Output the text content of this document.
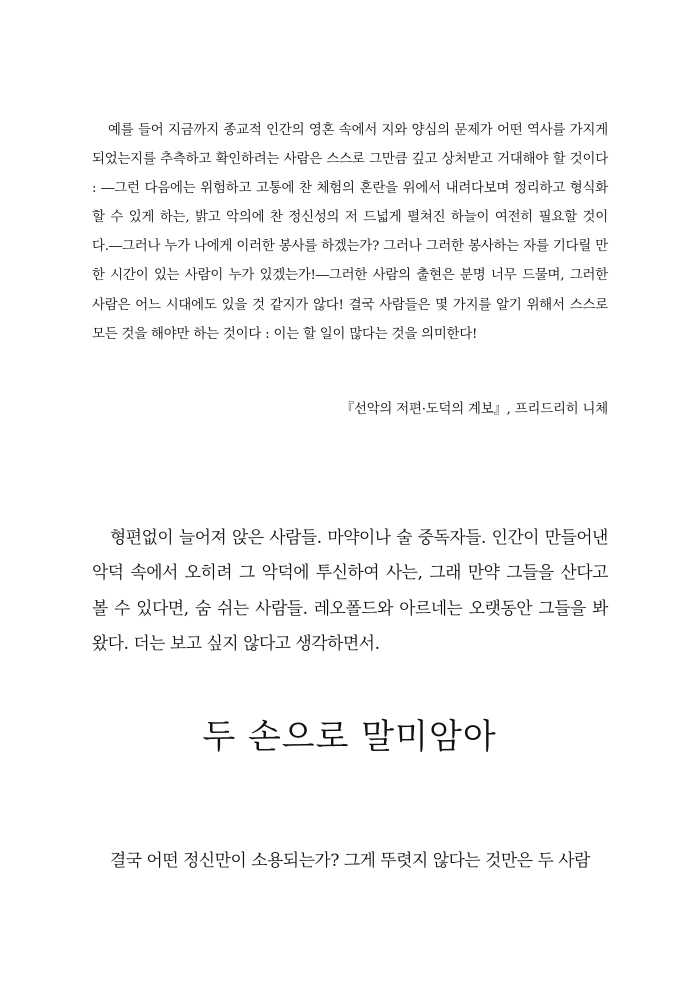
예를 들어 지금까지 종교적 인간의 영혼 속에서 지와 양심의 문제가 어떤 역사를 가지게 되었는지를 추측하고 확인하려는 사람은 스스로 그만큼 깊고 상처받고 거대해야 할 것이다 : ―그런 다음에는 위험하고 고통에 찬 체험의 혼란을 위에서 내려다보며 정리하고 형식화할 수 있게 하는, 밝고 악의에 찬 정신성의 저 드넓게 펼쳐진 하늘이 여전히 필요할 것이다.―그러나 누가 나에게 이러한 봉사를 하겠는가? 그러나 그러한 봉사하는 자를 기다릴 만한 시간이 있는 사람이 누가 있겠는가!―그러한 사람의 출현은 분명 너무 드물며, 그러한 사람은 어느 시대에도 있을 것 같지가 않다! 결국 사람들은 몇 가지를 알기 위해서 스스로 모든 것을 해야만 하는 것이다 : 이는 할 일이 많다는 것을 의미한다!

『선악의 저편·도덕의 계보』, 프리드리히 니체

형편없이 늘어져 앉은 사람들. 마약이나 술 중독자들. 인간이 만들어낸 악덕 속에서 오히려 그 악덕에 투신하여 사는, 그래 만약 그들을 산다고 볼 수 있다면, 숨 쉬는 사람들. 레오폴드와 아르네는 오랫동안 그들을 봐왔다. 더는 보고 싶지 않다고 생각하면서.

두 손으로 말미암아

결국 어떤 정신만이 소용되는가? 그게 뚜렷지 않다는 것만은 두 사람
